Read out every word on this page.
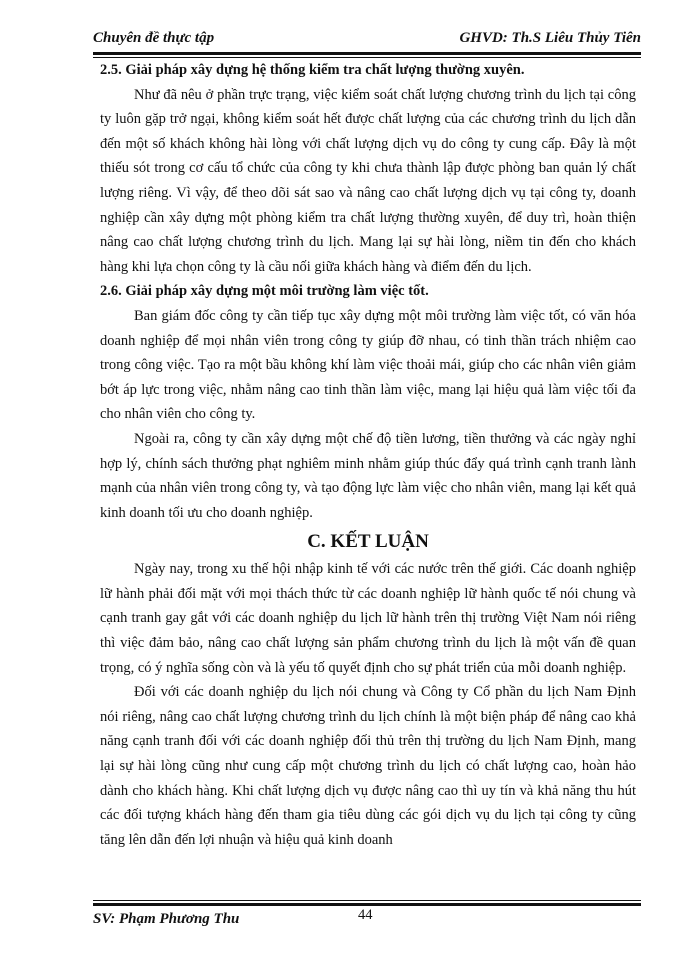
Chuyên đề thực tập	GHVD: Th.S Liêu Thủy Tiên
2.5. Giải pháp xây dựng hệ thống kiểm tra chất lượng thường xuyên.

Như đã nêu ở phần trực trạng, việc kiểm soát chất lượng chương trình du lịch tại công ty luôn gặp trở ngại, không kiểm soát hết được chất lượng của các chương trình du lịch dẫn đến một số khách không hài lòng với chất lượng dịch vụ do công ty cung cấp. Đây là một thiếu sót trong cơ cấu tổ chức của công ty khi chưa thành lập được phòng ban quản lý chất lượng riêng. Vì vậy, để theo dõi sát sao và nâng cao chất lượng dịch vụ tại công ty, doanh nghiệp cần xây dựng một phòng kiểm tra chất lượng thường xuyên, để duy trì, hoàn thiện nâng cao chất lượng chương trình du lịch. Mang lại sự hài lòng, niềm tin đến cho khách hàng khi lựa chọn công ty là cầu nối giữa khách hàng và điểm đến du lịch.

2.6. Giải pháp xây dựng một môi trường làm việc tốt.

Ban giám đốc công ty cần tiếp tục xây dựng một môi trường làm việc tốt, có văn hóa doanh nghiệp để mọi nhân viên trong công ty giúp đỡ nhau, có tinh thần trách nhiệm cao trong công việc. Tạo ra một bầu không khí làm việc thoải mái, giúp cho các nhân viên giảm bớt áp lực trong việc, nhằm nâng cao tinh thần làm việc, mang lại hiệu quả làm việc tối đa cho nhân viên cho công ty.

Ngoài ra, công ty cần xây dựng một chế độ tiền lương, tiền thưởng và các ngày nghỉ hợp lý, chính sách thưởng phạt nghiêm minh nhằm giúp thúc đẩy quá trình cạnh tranh lành mạnh của nhân viên trong công ty, và tạo động lực làm việc cho nhân viên, mang lại kết quả kinh doanh tối ưu cho doanh nghiệp.

C. KẾT LUẬN

Ngày nay, trong xu thế hội nhập kinh tế với các nước trên thế giới. Các doanh nghiệp lữ hành phải đối mặt với mọi thách thức từ các doanh nghiệp lữ hành quốc tế nói chung và cạnh tranh gay gắt với các doanh nghiệp du lịch lữ hành trên thị trường Việt Nam nói riêng thì việc đảm bảo, nâng cao chất lượng sản phẩm chương trình du lịch là một vấn đề quan trọng, có ý nghĩa sống còn và là yếu tố quyết định cho sự phát triển của mỗi doanh nghiệp.

Đối với các doanh nghiệp du lịch nói chung và Công ty Cổ phần du lịch Nam Định nói riêng, nâng cao chất lượng chương trình du lịch chính là một biện pháp để nâng cao khả năng cạnh tranh đối với các doanh nghiệp đối thủ trên thị trường du lịch Nam Định, mang lại sự hài lòng cũng như cung cấp một chương trình du lịch có chất lượng cao, hoàn hảo dành cho khách hàng. Khi chất lượng dịch vụ được nâng cao thì uy tín và khả năng thu hút các đối tượng khách hàng đến tham gia tiêu dùng các gói dịch vụ du lịch tại công ty cũng tăng lên dẫn đến lợi nhuận và hiệu quả kinh doanh

SV: Phạm Phương Thu	44
